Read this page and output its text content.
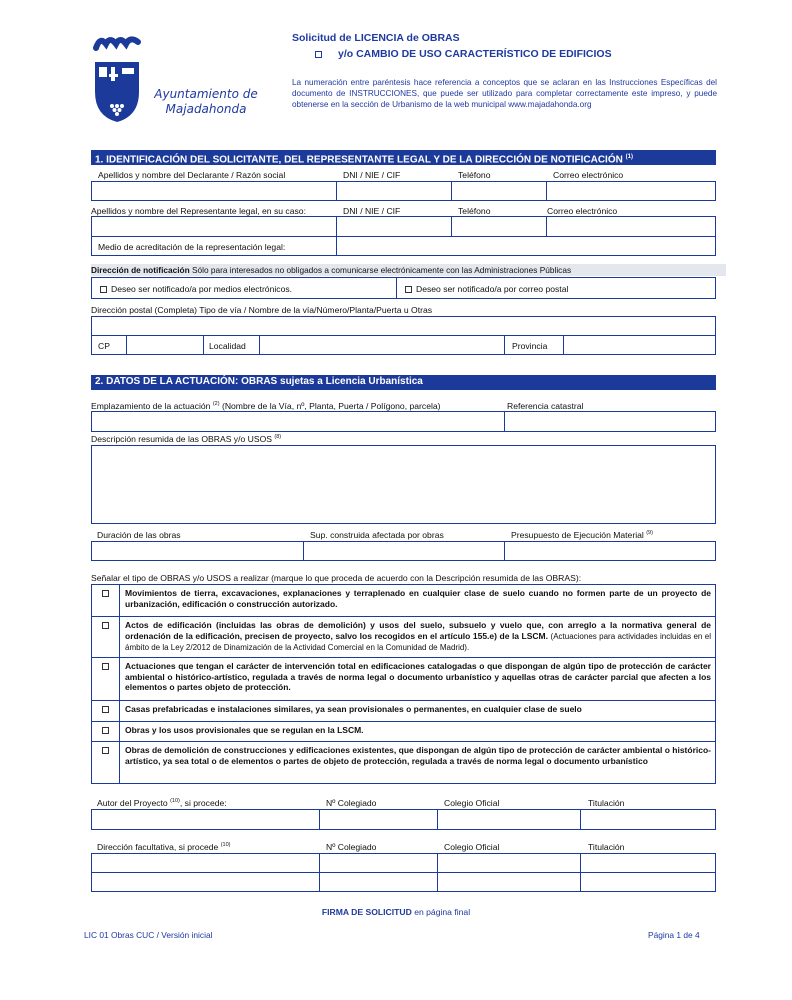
Ayuntamiento de
Majadahonda
Solicitud de LICENCIA de OBRAS
y/o CAMBIO DE USO CARACTERÍSTICO DE EDIFICIOS
La numeración entre paréntesis hace referencia a conceptos que se aclaran en las Instrucciones Específicas del documento de INSTRUCCIONES, que puede ser utilizado para completar correctamente este impreso, y puede obtenerse en la sección de Urbanismo de la web municipal www.majadahonda.org
1. IDENTIFICACIÓN DEL SOLICITANTE, DEL REPRESENTANTE LEGAL Y DE LA DIRECCIÓN DE NOTIFICACIÓN $^{(1)}$
Apellidos y nombre del Declarante / Razón social	DNI / NIE / CIF	Teléfono	Correo electrónico
Apellidos y nombre del Representante legal, en su caso:	DNI / NIE / CIF	Teléfono	Correo electrónico
Medio de acreditación de la representación legal:
Dirección de notificación Sólo para interesados no obligados a comunicarse electrónicamente con las Administraciones Públicas
Deseo ser notificado/a por medios electrónicos.	Deseo ser notificado/a por correo postal
Dirección postal (Completa) Tipo de vía / Nombre de la vía/Número/Planta/Puerta u Otras
CP	Localidad	Provincia
2. DATOS DE LA ACTUACIÓN: OBRAS sujetas a Licencia Urbanística
Emplazamiento de la actuación $^{(2)}$ (Nombre de la Vía, nº, Planta, Puerta / Polígono, parcela)	Referencia catastral
Descripción resumida de las OBRAS y/o USOS $^{(8)}$
Duración de las obras	Sup. construida afectada por obras	Presupuesto de Ejecución Material $^{(9)}$
Señalar el tipo de OBRAS y/o USOS a realizar (marque lo que proceda de acuerdo con la Descripción resumida de las OBRAS):
Movimientos de tierra, excavaciones, explanaciones y terraplenado en cualquier clase de suelo cuando no formen parte de un proyecto de urbanización, edificación o construcción autorizado.
Actos de edificación (incluidas las obras de demolición) y usos del suelo, subsuelo y vuelo que, con arreglo a la normativa general de ordenación de la edificación, precisen de proyecto, salvo los recogidos en el artículo 155.e) de la LSCM. (Actuaciones para actividades incluidas en el ámbito de la Ley 2/2012 de Dinamización de la Actividad Comercial en la Comunidad de Madrid).
Actuaciones que tengan el carácter de intervención total en edificaciones catalogadas o que dispongan de algún tipo de protección de carácter ambiental o histórico-artístico, regulada a través de norma legal o documento urbanístico y aquellas otras de carácter parcial que afecten a los elementos o partes objeto de protección.
Casas prefabricadas e instalaciones similares, ya sean provisionales o permanentes, en cualquier clase de suelo
Obras y los usos provisionales que se regulan en la LSCM.
Obras de demolición de construcciones y edificaciones existentes, que dispongan de algún tipo de protección de carácter ambiental o histórico-artístico, ya sea total o de elementos o partes de objeto de protección, regulada a través de norma legal o documento urbanístico
Autor del Proyecto $^{(10)}$, si procede:	Nº Colegiado	Colegio Oficial	Titulación
Dirección facultativa, si procede $^{(10)}$	Nº Colegiado	Colegio Oficial	Titulación
FIRMA DE SOLICITUD en página final
LIC 01 Obras CUC / Versión inicial	Página 1 de 4
